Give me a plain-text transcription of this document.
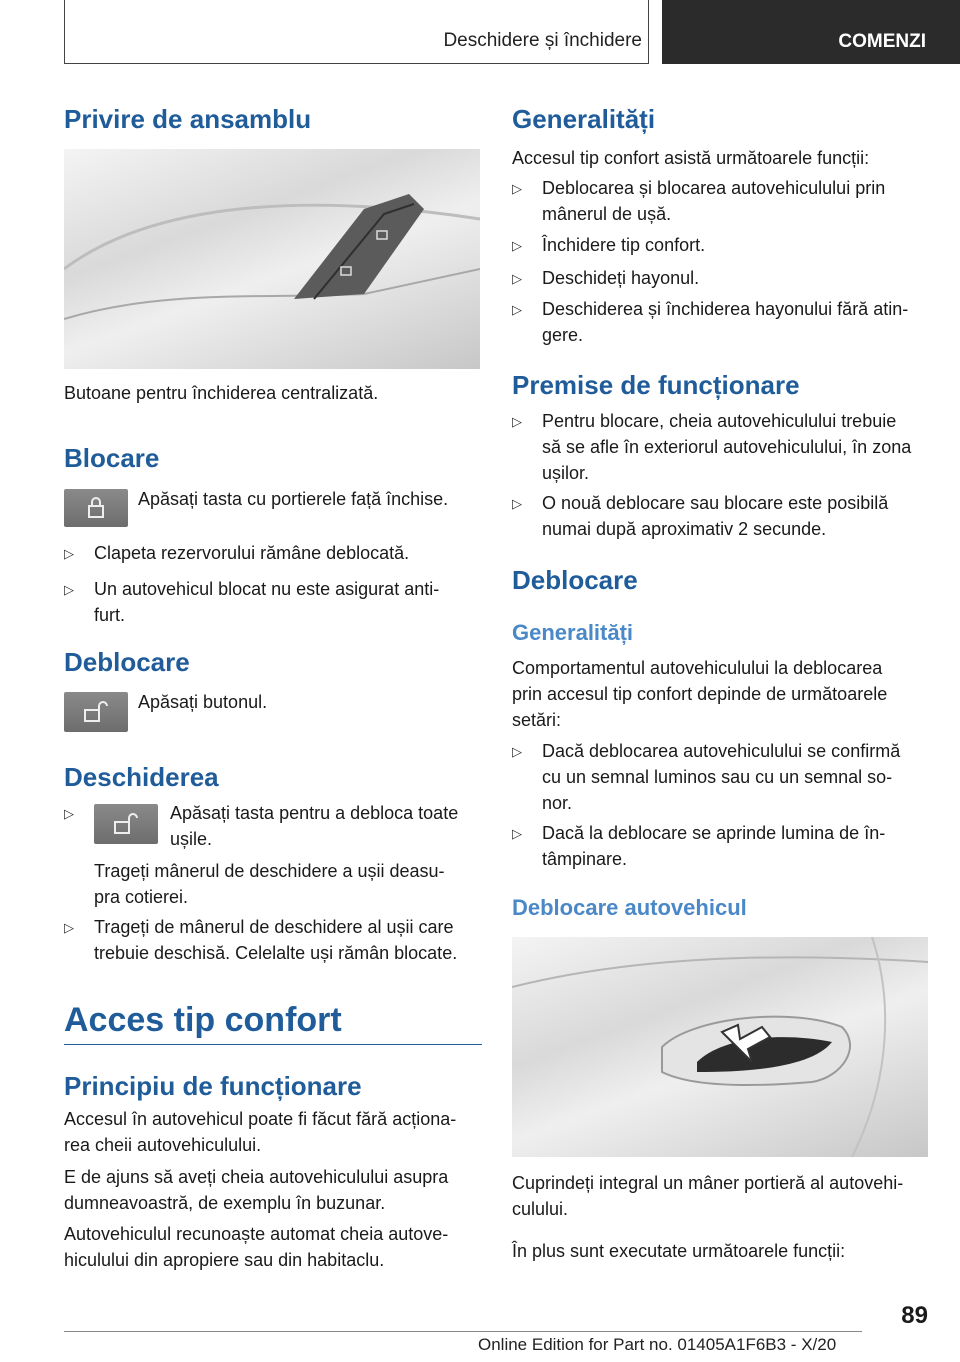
Deschidere și închidere	COMENZI
Privire de ansamblu

Butoane pentru închiderea centralizată.

Blocare

Apăsați tasta cu portierele față închise.

▷ Clapeta rezervorului rămâne deblocată.
▷ Un autovehicul blocat nu este asigurat anti-
furt.
Deblocare

Apăsați butonul.

Deschiderea
▷	Apăsați tasta pentru a debloca toate
ușile.
Trageți mânerul de deschidere a ușii deasu-
pra cotierei.
▷ Trageți de mânerul de deschidere al ușii care
trebuie deschisă. Celelalte uși rămân blocate.
Acces tip confort
Principiu de funcționare

Accesul în autovehicul poate fi făcut fără acționa-
rea cheii autovehiculului.

E de ajuns să aveți cheia autovehiculului asupra
dumneavoastră, de exemplu în buzunar.

Autovehiculul recunoaște automat cheia autove-
hiculului din apropiere sau din habitaclu.

Generalități

Accesul tip confort asistă următoarele funcții:

▷ Deblocarea și blocarea autovehiculului prin
mânerul de ușă.
▷ Închidere tip confort.
▷ Deschideți hayonul.
▷ Deschiderea și închiderea hayonului fără atin-
gere.
Premise de funcționare
▷ Pentru blocare, cheia autovehiculului trebuie
să se afle în exteriorul autovehiculului, în zona
ușilor.
▷ O nouă deblocare sau blocare este posibilă
numai după aproximativ 2 secunde.
Deblocare
Generalități

Comportamentul autovehiculului la deblocarea
prin accesul tip confort depinde de următoarele
setări:

▷ Dacă deblocarea autovehiculului se confirmă
cu un semnal luminos sau cu un semnal so-
nor.
▷ Dacă la deblocare se aprinde lumina de în-
tâmpinare.
Deblocare autovehicul

Cuprindeți integral un mâner portieră al autovehi-
culului.

În plus sunt executate următoarele funcții:

89
Online Edition for Part no. 01405A1F6B3 - X/20
